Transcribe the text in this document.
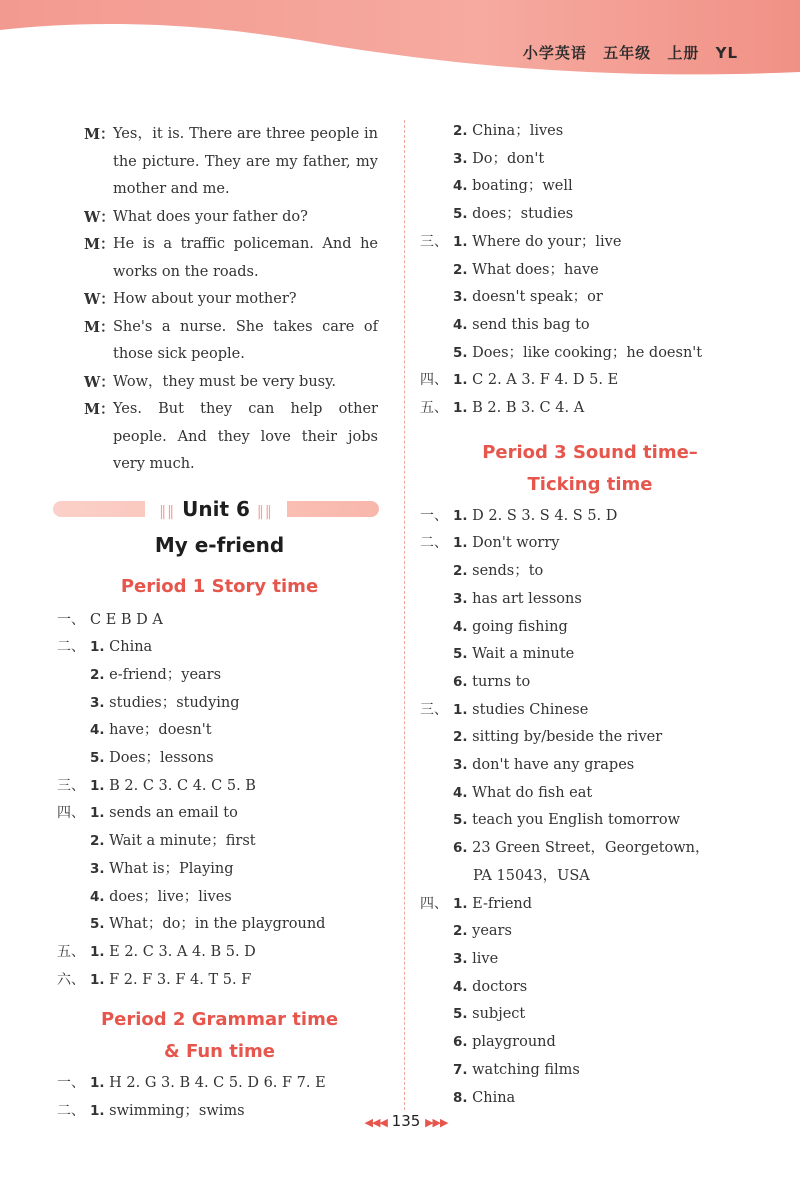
小学英语 五年级 上册 YL
M：
Yes，it is. There are three people in the picture. They are my father, my mother and me.
W：
What does your father do?
M：
He is a traffic policeman. And he works on the roads.
W：
How about your mother?
M：
She's a nurse. She takes care of those sick people.
W：
Wow，they must be very busy.
M：
Yes. But they can help other people. And they love their jobs very much.
‖‖ Unit 6 ‖‖
My e-friend
Period 1 Story time
一、 C E B D A
二、 1. China
2. e-friend；years
3. studies；studying
4. have；doesn't
5. Does；lessons
三、 1. B 2. C 3. C 4. C 5. B
四、 1. sends an email to
2. Wait a minute；first
3. What is；Playing
4. does；live；lives
5. What；do；in the playground
五、 1. E 2. C 3. A 4. B 5. D
六、 1. F 2. F 3. F 4. T 5. F
Period 2 Grammar time
& Fun time
一、 1. H 2. G 3. B 4. C 5. D 6. F 7. E
二、 1. swimming；swims
2. China；lives
3. Do；don't
4. boating；well
5. does；studies
三、 1. Where do your；live
2. What does；have
3. doesn't speak；or
4. send this bag to
5. Does；like cooking；he doesn't
四、 1. C 2. A 3. F 4. D 5. E
五、 1. B 2. B 3. C 4. A
Period 3 Sound time–
Ticking time
一、 1. D 2. S 3. S 4. S 5. D
二、 1. Don't worry
2. sends；to
3. has art lessons
4. going fishing
5. Wait a minute
6. turns to
三、 1. studies Chinese
2. sitting by/beside the river
3. don't have any grapes
4. What do fish eat
5. teach you English tomorrow
6. 23 Green Street，Georgetown，
PA 15043，USA
四、 1. E-friend
2. years
3. live
4. doctors
5. subject
6. playground
7. watching films
8. China
◀◀◀ 135 ▶▶▶
